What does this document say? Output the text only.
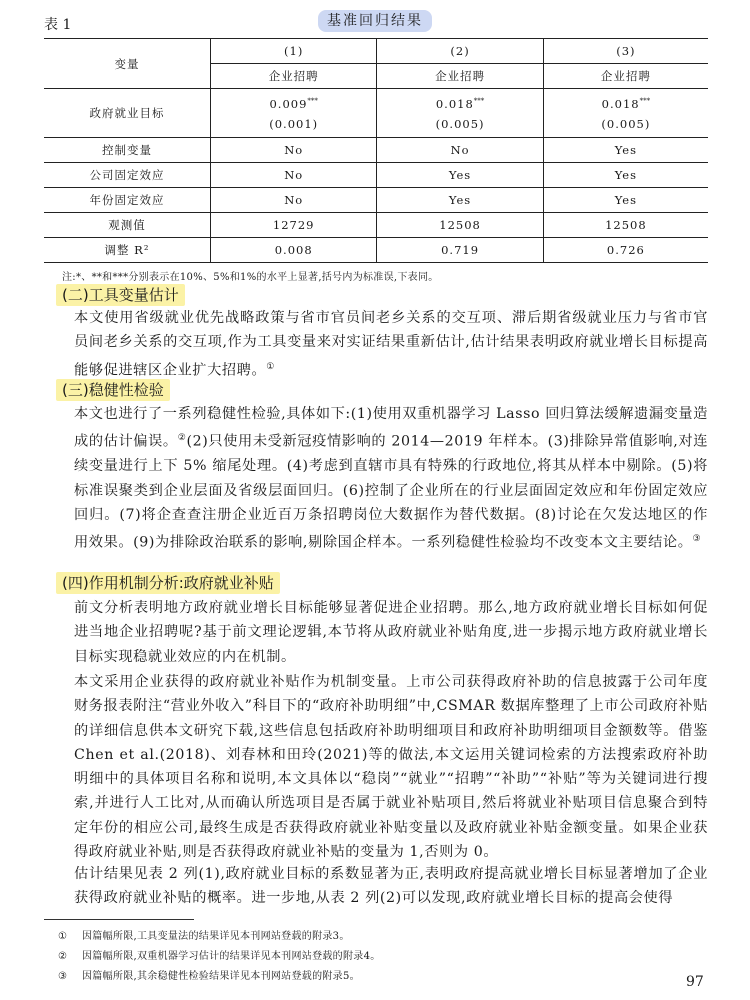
表 1	基准回归结果
变量	(1)	(2)	(3)
	企业招聘	企业招聘	企业招聘
政府就业目标	0.009***	0.018***	0.018***
	(0.001)	(0.005)	(0.005)
控制变量	No	No	Yes
公司固定效应	No	Yes	Yes
年份固定效应	No	Yes	Yes
观测值	12729	12508	12508
调整 R²	0.008	0.719	0.726
注:*、**和***分别表示在10%、5%和1%的水平上显著,括号内为标准误,下表同。
(二)工具变量估计
本文使用省级就业优先战略政策与省市官员间老乡关系的交互项、滞后期省级就业压力与省市官员间老乡关系的交互项,作为工具变量来对实证结果重新估计,估计结果表明政府就业增长目标提高能够促进辖区企业扩大招聘。①
(三)稳健性检验
本文也进行了一系列稳健性检验,具体如下:(1)使用双重机器学习 Lasso 回归算法缓解遗漏变量造成的估计偏误。②(2)只使用未受新冠疫情影响的 2014—2019 年样本。(3)排除异常值影响,对连续变量进行上下 5% 缩尾处理。(4)考虑到直辖市具有特殊的行政地位,将其从样本中剔除。(5)将标准误聚类到企业层面及省级层面回归。(6)控制了企业所在的行业层面固定效应和年份固定效应回归。(7)将企查查注册企业近百万条招聘岗位大数据作为替代数据。(8)讨论在欠发达地区的作用效果。(9)为排除政治联系的影响,剔除国企样本。一系列稳健性检验均不改变本文主要结论。③
(四)作用机制分析:政府就业补贴
前文分析表明地方政府就业增长目标能够显著促进企业招聘。那么,地方政府就业增长目标如何促进当地企业招聘呢?基于前文理论逻辑,本节将从政府就业补贴角度,进一步揭示地方政府就业增长目标实现稳就业效应的内在机制。
本文采用企业获得的政府就业补贴作为机制变量。上市公司获得政府补助的信息披露于公司年度财务报表附注“营业外收入”科目下的“政府补助明细”中,CSMAR 数据库整理了上市公司政府补贴的详细信息供本文研究下载,这些信息包括政府补助明细项目和政府补助明细项目金额数等。借鉴 Chen et al.(2018)、刘春林和田玲(2021)等的做法,本文运用关键词检索的方法搜索政府补助明细中的具体项目名称和说明,本文具体以“稳岗”“就业”“招聘”“补助”“补贴”等为关键词进行搜索,并进行人工比对,从而确认所选项目是否属于就业补贴项目,然后将就业补贴项目信息聚合到特定年份的相应公司,最终生成是否获得政府就业补贴变量以及政府就业补贴金额变量。如果企业获得政府就业补贴,则是否获得政府就业补贴的变量为 1,否则为 0。
估计结果见表 2 列(1),政府就业目标的系数显著为正,表明政府提高就业增长目标显著增加了企业获得政府就业补贴的概率。进一步地,从表 2 列(2)可以发现,政府就业增长目标的提高会使得
① 因篇幅所限,工具变量法的结果详见本刊网站登载的附录3。
② 因篇幅所限,双重机器学习估计的结果详见本刊网站登载的附录4。
③ 因篇幅所限,其余稳健性检验结果详见本刊网站登载的附录5。	97
